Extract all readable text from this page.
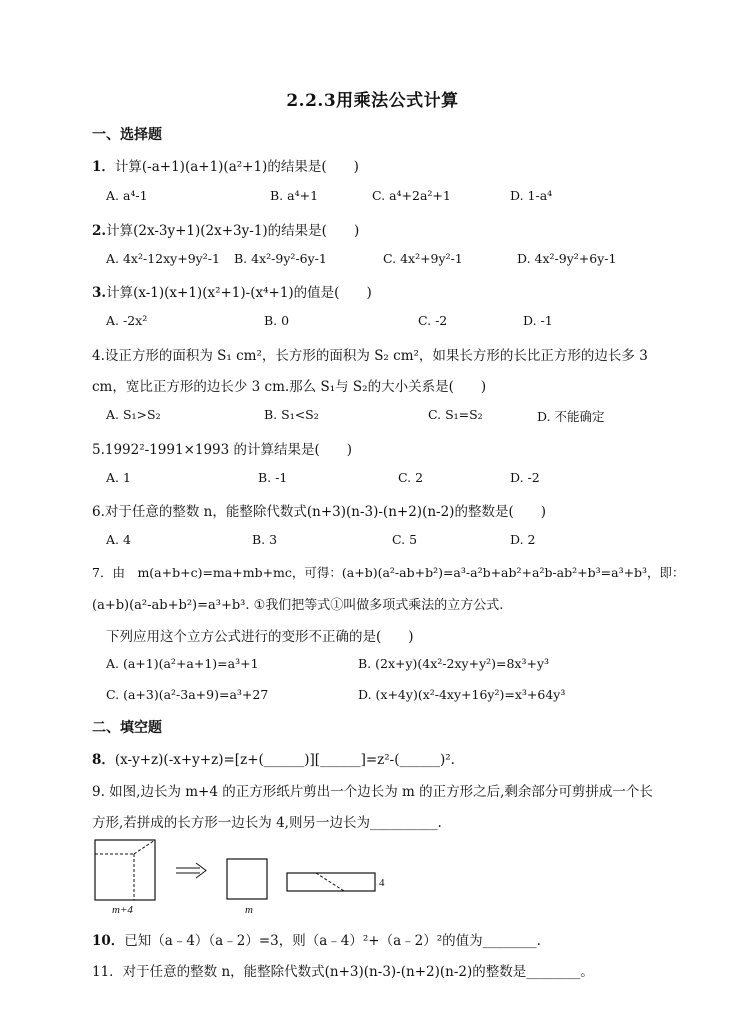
2.2.3用乘法公式计算
一、选择题
1．计算(-a+1)(a+1)(a²+1)的结果是(　　)
A. a⁴-1	B. a⁴+1	C. a⁴+2a²+1	D. 1-a⁴
2.计算(2x-3y+1)(2x+3y-1)的结果是(　　)
A. 4x²-12xy+9y²-1 B. 4x²-9y²-6y-1	C. 4x²+9y²-1	D. 4x²-9y²+6y-1
3.计算(x-1)(x+1)(x²+1)-(x⁴+1)的值是(　　)
A. -2x²	B. 0	C. -2	D. -1
4.设正方形的面积为 S₁ cm²，长方形的面积为 S₂ cm²，如果长方形的长比正方形的边长多 3
cm，宽比正方形的边长少 3 cm.那么 S₁与 S₂的大小关系是(　　)
A. S₁>S₂	B. S₁<S₂	C. S₁=S₂	D. 不能确定
5.1992²-1991×1993 的计算结果是(　　)
A. 1	B. -1	C. 2	D. -2
6.对于任意的整数 n，能整除代数式(n+3)(n-3)-(n+2)(n-2)的整数是(　　)
A. 4	B. 3	C. 5	D. 2
7．由　m(a+b+c)=ma+mb+mc，可得：(a+b)(a²-ab+b²)=a³-a²b+ab²+a²b-ab²+b³=a³+b³，即：
(a+b)(a²-ab+b²)=a³+b³. ①我们把等式①叫做多项式乘法的立方公式.
下列应用这个立方公式进行的变形不正确的是(　　)
A. (a+1)(a²+a+1)=a³+1	B. (2x+y)(4x²-2xy+y²)=8x³+y³
C. (a+3)(a²-3a+9)=a³+27	D. (x+4y)(x²-4xy+16y²)=x³+64y³
二、填空题
8．(x-y+z)(-x+y+z)=[z+(______)][______]=z²-(______)².
9. 如图,边长为 m+4 的正方形纸片剪出一个边长为 m 的正方形之后,剩余部分可剪拼成一个长
方形,若拼成的长方形一边长为 4,则另一边长为__________.
m+4	m
4
10．已知（a﹣4）（a﹣2）=3，则（a﹣4）²+（a﹣2）²的值为________.
11．对于任意的整数 n，能整除代数式(n+3)(n-3)-(n+2)(n-2)的整数是________。
